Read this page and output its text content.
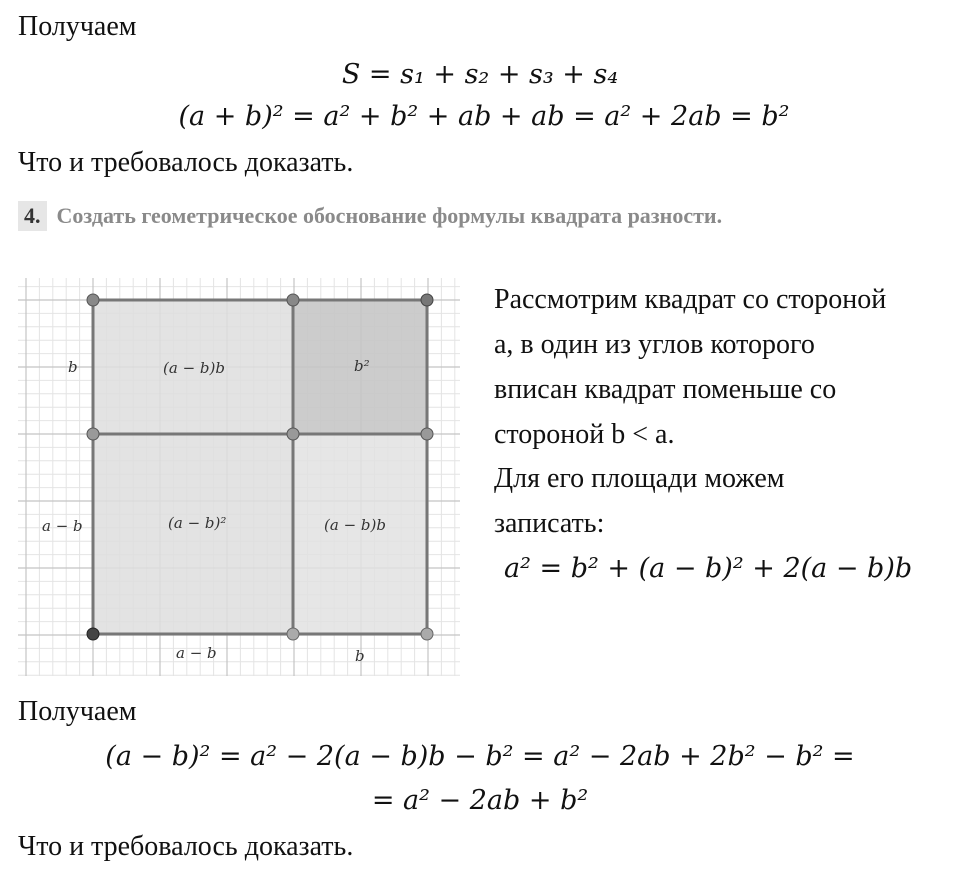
Получаем
S = s₁ + s₂ + s₃ + s₄
(a + b)² = a² + b² + ab + ab = a² + 2ab = b²
Что и требовалось доказать.
4. Создать геометрическое обоснование формулы квадрата разности.
(a − b)b	b²
(a − b)²	(a − b)b
b
a − b
a − b	b
Рассмотрим квадрат со стороной
a, в один из углов которого
вписан квадрат поменьше со
стороной b < a.
Для его площади можем
записать:
a² = b² + (a − b)² + 2(a − b)b
Получаем
(a − b)² = a² − 2(a − b)b − b² = a² − 2ab + 2b² − b² =
= a² − 2ab + b²
Что и требовалось доказать.
